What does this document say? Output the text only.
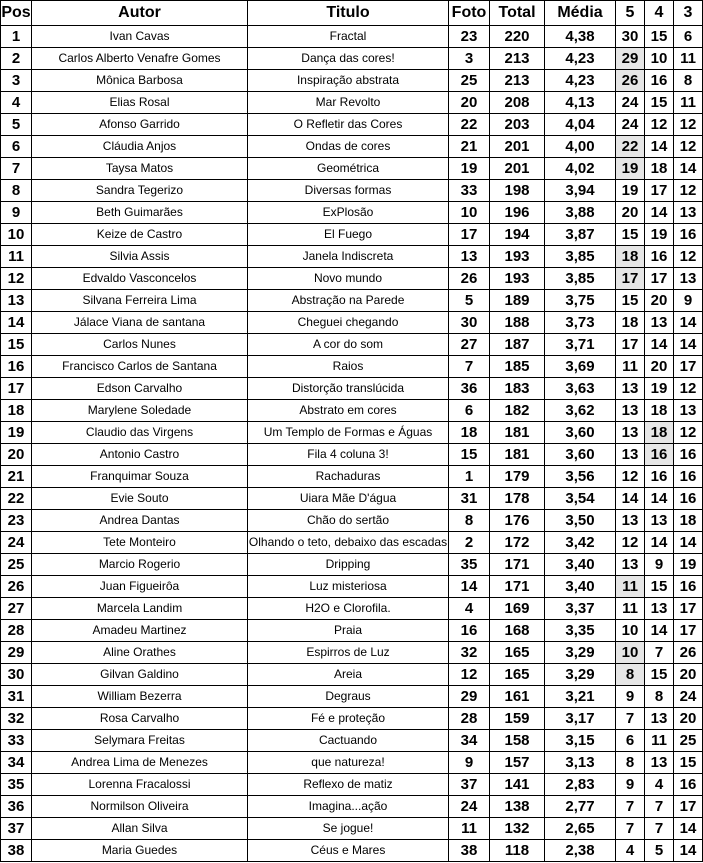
Pos	Autor	Titulo	Foto	Total	Média	5	4	3
1	Ivan Cavas	Fractal	23	220	4,38	30	15	6
2	Carlos Alberto Venafre Gomes	Dança das cores!	3	213	4,23	29	10	11
3	Mônica Barbosa	Inspiração abstrata	25	213	4,23	26	16	8
4	Elias Rosal	Mar Revolto	20	208	4,13	24	15	11
5	Afonso Garrido	O Refletir das Cores	22	203	4,04	24	12	12
6	Cláudia Anjos	Ondas de cores	21	201	4,00	22	14	12
7	Taysa Matos	Geométrica	19	201	4,02	19	18	14
8	Sandra Tegerizo	Diversas formas	33	198	3,94	19	17	12
9	Beth Guimarães	ExPlosão	10	196	3,88	20	14	13
10	Keize de Castro	El Fuego	17	194	3,87	15	19	16
11	Silvia Assis	Janela Indiscreta	13	193	3,85	18	16	12
12	Edvaldo Vasconcelos	Novo mundo	26	193	3,85	17	17	13
13	Silvana Ferreira Lima	Abstração na Parede	5	189	3,75	15	20	9
14	Jálace Viana de santana	Cheguei chegando	30	188	3,73	18	13	14
15	Carlos Nunes	A cor do som	27	187	3,71	17	14	14
16	Francisco Carlos de Santana	Raios	7	185	3,69	11	20	17
17	Edson Carvalho	Distorção translúcida	36	183	3,63	13	19	12
18	Marylene Soledade	Abstrato em cores	6	182	3,62	13	18	13
19	Claudio das Virgens	Um Templo de Formas e Águas	18	181	3,60	13	18	12
20	Antonio Castro	Fila 4 coluna 3!	15	181	3,60	13	16	16
21	Franquimar Souza	Rachaduras	1	179	3,56	12	16	16
22	Evie Souto	Uiara Mãe D'água	31	178	3,54	14	14	16
23	Andrea Dantas	Chão do sertão	8	176	3,50	13	13	18
24	Tete Monteiro	Olhando o teto, debaixo das escadas	2	172	3,42	12	14	14
25	Marcio Rogerio	Dripping	35	171	3,40	13	9	19
26	Juan Figueirôa	Luz misteriosa	14	171	3,40	11	15	16
27	Marcela Landim	H2O e Clorofila.	4	169	3,37	11	13	17
28	Amadeu Martinez	Praia	16	168	3,35	10	14	17
29	Aline Orathes	Espirros de Luz	32	165	3,29	10	7	26
30	Gilvan Galdino	Areia	12	165	3,29	8	15	20
31	William Bezerra	Degraus	29	161	3,21	9	8	24
32	Rosa Carvalho	Fé e proteção	28	159	3,17	7	13	20
33	Selymara Freitas	Cactuando	34	158	3,15	6	11	25
34	Andrea Lima de Menezes	que natureza!	9	157	3,13	8	13	15
35	Lorenna Fracalossi	Reflexo de matiz	37	141	2,83	9	4	16
36	Normilson Oliveira	Imagina...ação	24	138	2,77	7	7	17
37	Allan Silva	Se jogue!	11	132	2,65	7	7	14
38	Maria Guedes	Céus e Mares	38	118	2,38	4	5	14
